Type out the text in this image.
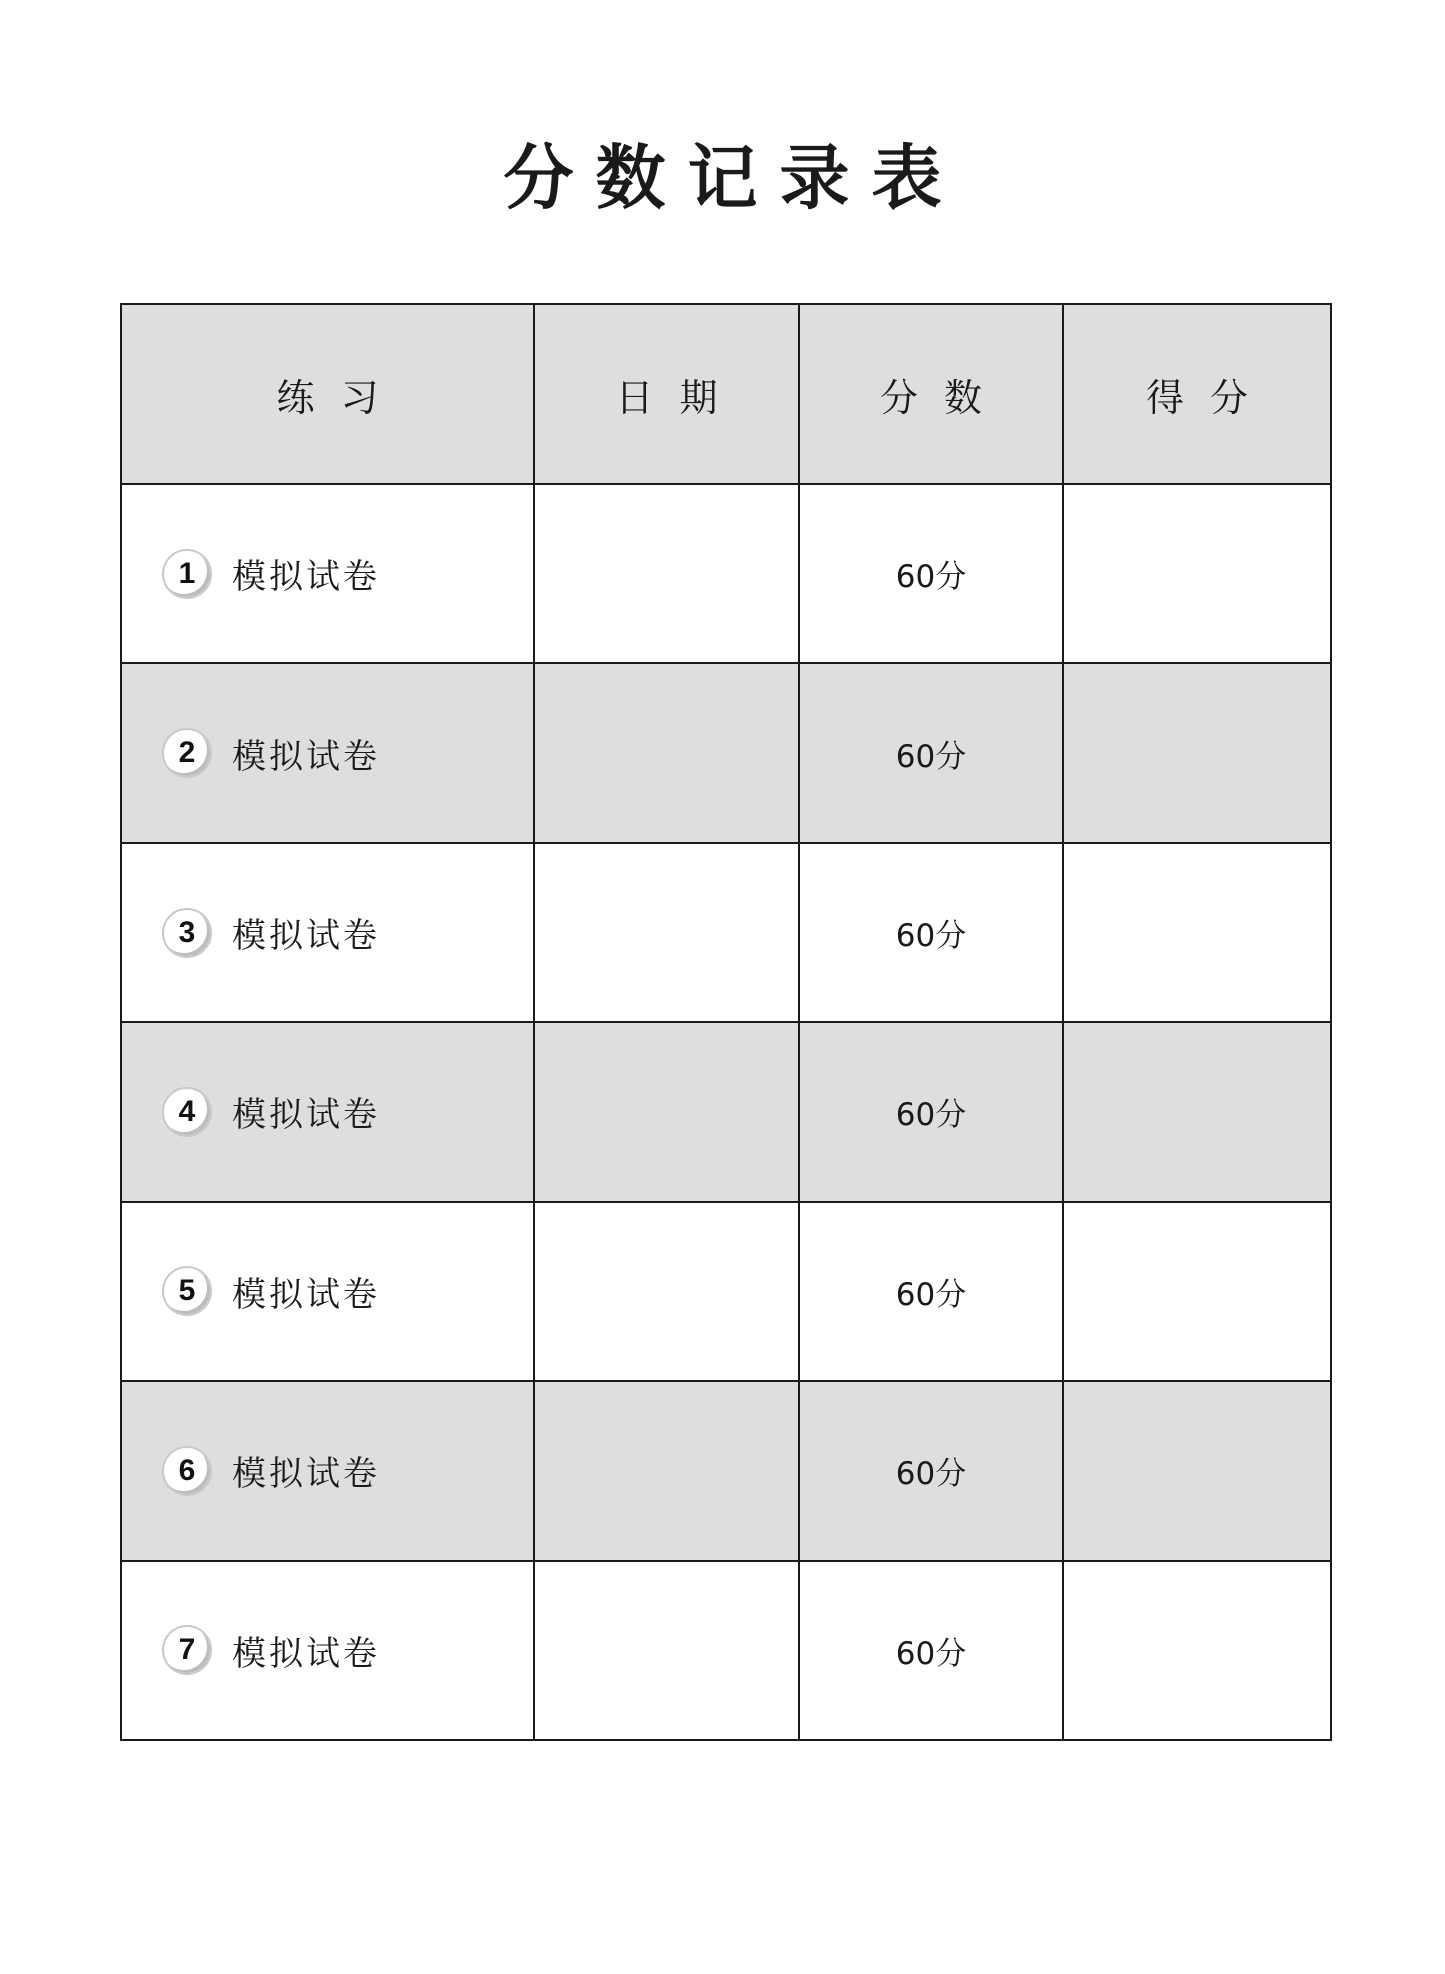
分数记录表
练习	日期	分数	得分

1 模拟试卷		60分	

2 模拟试卷		60分	

3 模拟试卷		60分	

4 模拟试卷		60分	

5 模拟试卷		60分	

6 模拟试卷		60分	

7 模拟试卷		60分	
